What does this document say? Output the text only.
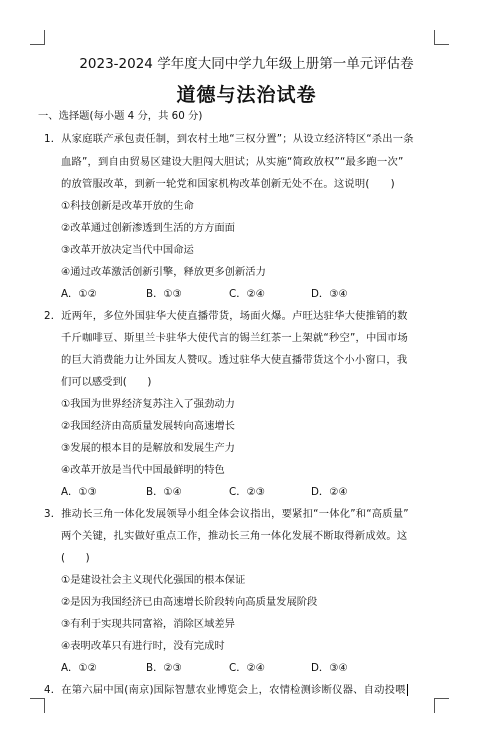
2023-2024 学年度大同中学九年级上册第一单元评估卷
道德与法治试卷
一、选择题(每小题 4 分，共 60 分)
1．从家庭联产承包责任制，到农村土地“三权分置”；从设立经济特区“杀出一条
血路”，到自由贸易区建设大胆闯大胆试；从实施“简政放权”“最多跑一次”
的放管服改革，到新一轮党和国家机构改革创新无处不在。这说明(　　)
①科技创新是改革开放的生命
②改革通过创新渗透到生活的方方面面
③改革开放决定当代中国命运
④通过改革激活创新引擎，释放更多创新活力
A．①②	B．①③	C．②④	D．③④
2．近两年，多位外国驻华大使直播带货，场面火爆。卢旺达驻华大使推销的数
千斤咖啡豆、斯里兰卡驻华大使代言的锡兰红茶一上架就“秒空”，中国市场
的巨大消费能力让外国友人赞叹。透过驻华大使直播带货这个小小窗口，我
们可以感受到(　　)
①我国为世界经济复苏注入了强劲动力
②我国经济由高质量发展转向高速增长
③发展的根本目的是解放和发展生产力
④改革开放是当代中国最鲜明的特色
A．①③	B．①④	C．②③	D．②④
3．推动长三角一体化发展领导小组全体会议指出，要紧扣“一体化”和“高质量”
两个关键，扎实做好重点工作，推动长三角一体化发展不断取得新成效。这
(　　)
①是建设社会主义现代化强国的根本保证
②是因为我国经济已由高速增长阶段转向高质量发展阶段
③有利于实现共同富裕，消除区域差异
④表明改革只有进行时，没有完成时
A．①②	B．②③	C．②④	D．③④
4．在第六届中国(南京)国际智慧农业博览会上，农情检测诊断仪器、自动投喂
